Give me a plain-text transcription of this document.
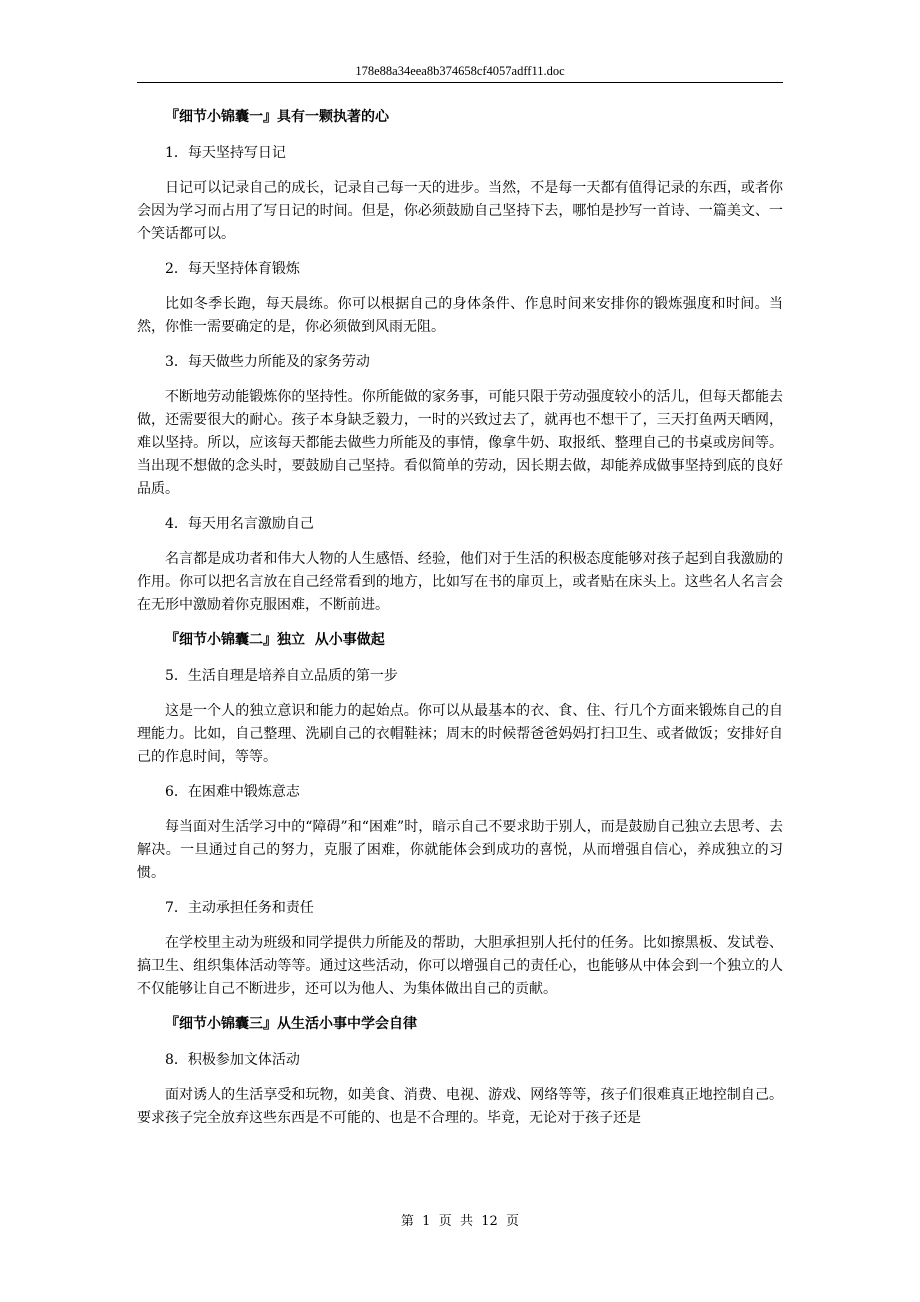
178e88a34eea8b374658cf4057adff11.doc

『细节小锦囊一』具有一颗执著的心

1．每天坚持写日记

日记可以记录自己的成长，记录自己每一天的进步。当然，不是每一天都有值得记录的东西，或者你会因为学习而占用了写日记的时间。但是，你必须鼓励自己坚持下去，哪怕是抄写一首诗、一篇美文、一个笑话都可以。

2．每天坚持体育锻炼

比如冬季长跑，每天晨练。你可以根据自己的身体条件、作息时间来安排你的锻炼强度和时间。当然，你惟一需要确定的是，你必须做到风雨无阻。

3．每天做些力所能及的家务劳动

不断地劳动能锻炼你的坚持性。你所能做的家务事，可能只限于劳动强度较小的活儿，但每天都能去做，还需要很大的耐心。孩子本身缺乏毅力，一时的兴致过去了，就再也不想干了，三天打鱼两天晒网，难以坚持。所以，应该每天都能去做些力所能及的事情，像拿牛奶、取报纸、整理自己的书桌或房间等。当出现不想做的念头时，要鼓励自己坚持。看似简单的劳动，因长期去做，却能养成做事坚持到底的良好品质。

4．每天用名言激励自己

名言都是成功者和伟大人物的人生感悟、经验，他们对于生活的积极态度能够对孩子起到自我激励的作用。你可以把名言放在自己经常看到的地方，比如写在书的扉页上，或者贴在床头上。这些名人名言会在无形中激励着你克服困难，不断前进。

『细节小锦囊二』独立  从小事做起

5．生活自理是培养自立品质的第一步

这是一个人的独立意识和能力的起始点。你可以从最基本的衣、食、住、行几个方面来锻炼自己的自理能力。比如，自己整理、洗刷自己的衣帽鞋袜；周末的时候帮爸爸妈妈打扫卫生、或者做饭；安排好自己的作息时间，等等。

6．在困难中锻炼意志

每当面对生活学习中的“障碍”和“困难”时，暗示自己不要求助于别人，而是鼓励自己独立去思考、去解决。一旦通过自己的努力，克服了困难，你就能体会到成功的喜悦，从而增强自信心，养成独立的习惯。

7．主动承担任务和责任

在学校里主动为班级和同学提供力所能及的帮助，大胆承担别人托付的任务。比如擦黑板、发试卷、搞卫生、组织集体活动等等。通过这些活动，你可以增强自己的责任心，也能够从中体会到一个独立的人不仅能够让自己不断进步，还可以为他人、为集体做出自己的贡献。

『细节小锦囊三』从生活小事中学会自律

8．积极参加文体活动

面对诱人的生活享受和玩物，如美食、消费、电视、游戏、网络等等，孩子们很难真正地控制自己。要求孩子完全放弃这些东西是不可能的、也是不合理的。毕竟，无论对于孩子还是

第  1  页  共  12  页
